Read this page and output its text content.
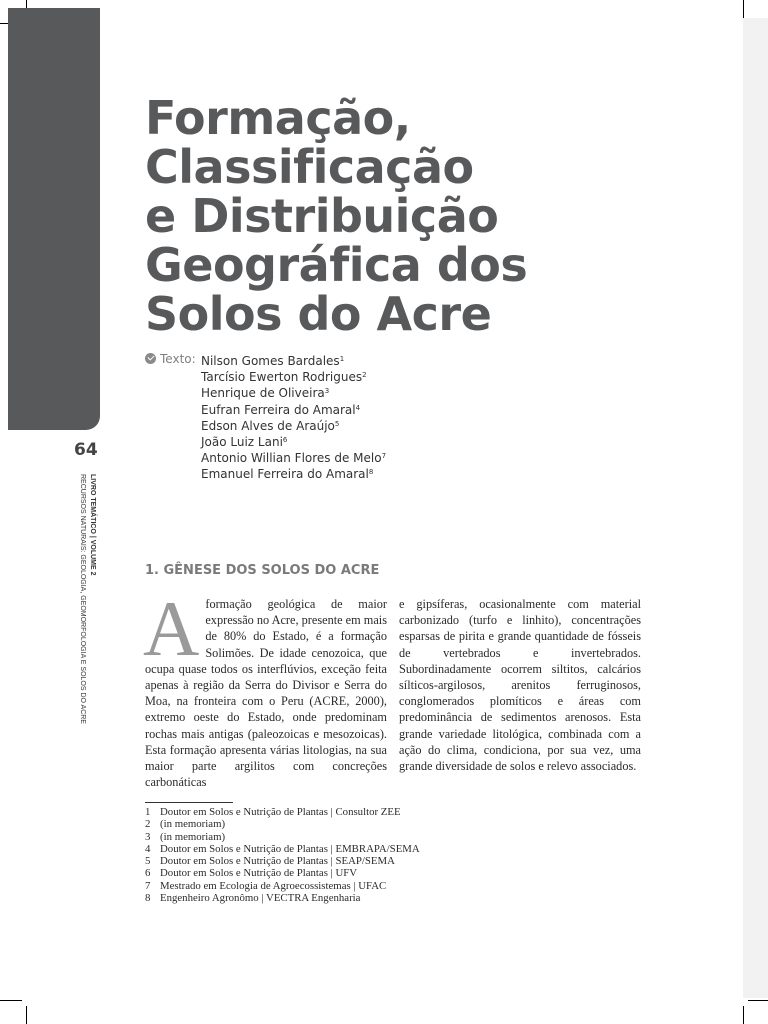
Formação, Classificação e Distribuição
Geográfica dos Solos do Acre
64
LIVRO TEMÁTICO | VOLUME 2
RECURSOS NATURAIS: GEOLOGIA, GEOMORFOLOGIA E SOLOS DO ACRE
Formação,
Classificação
e Distribuição
Geográfica dos
Solos do Acre
Texto: Nilson Gomes Bardales$^1$
Tarcísio Ewerton Rodrigues$^2$
Henrique de Oliveira$^3$
Eufran Ferreira do Amaral$^4$
Edson Alves de Araújo$^5$
João Luiz Lani$^6$
Antonio Willian Flores de Melo$^7$
Emanuel Ferreira do Amaral$^8$
1. GÊNESE DOS SOLOS DO ACRE
Aformação geológica de maior expressão no Acre, presente em mais de 80% do Estado, é a formação Solimões. De idade cenozoica, que ocupa quase todos os interflúvios, exceção feita apenas à região da Serra do Divisor e Serra do Moa, na fronteira com o Peru (ACRE, 2000), extremo oeste do Estado, onde predominam rochas mais antigas (paleozoicas e mesozoicas). Esta formação apresenta várias litologias, na sua maior parte argilitos com concreções carbonáticas
e gipsíferas, ocasionalmente com material carbonizado (turfo e linhito), concentrações esparsas de pirita e grande quantidade de fósseis de vertebrados e invertebrados. Subordinadamente ocorrem siltitos, calcários sílticos-argilosos, arenitos ferruginosos, conglomerados plomíticos e áreas com predominância de sedimentos arenosos. Esta grande variedade litológica, combinada com a ação do clima, condiciona, por sua vez, uma grande diversidade de solos e relevo associados.
1 Doutor em Solos e Nutrição de Plantas | Consultor ZEE
2 (in memoriam)
3 (in memoriam)
4 Doutor em Solos e Nutrição de Plantas | EMBRAPA/SEMA
5 Doutor em Solos e Nutrição de Plantas | SEAP/SEMA
6 Doutor em Solos e Nutrição de Plantas | UFV
7 Mestrado em Ecologia de Agroecossistemas | UFAC
8 Engenheiro Agronômo | VECTRA Engenharia
